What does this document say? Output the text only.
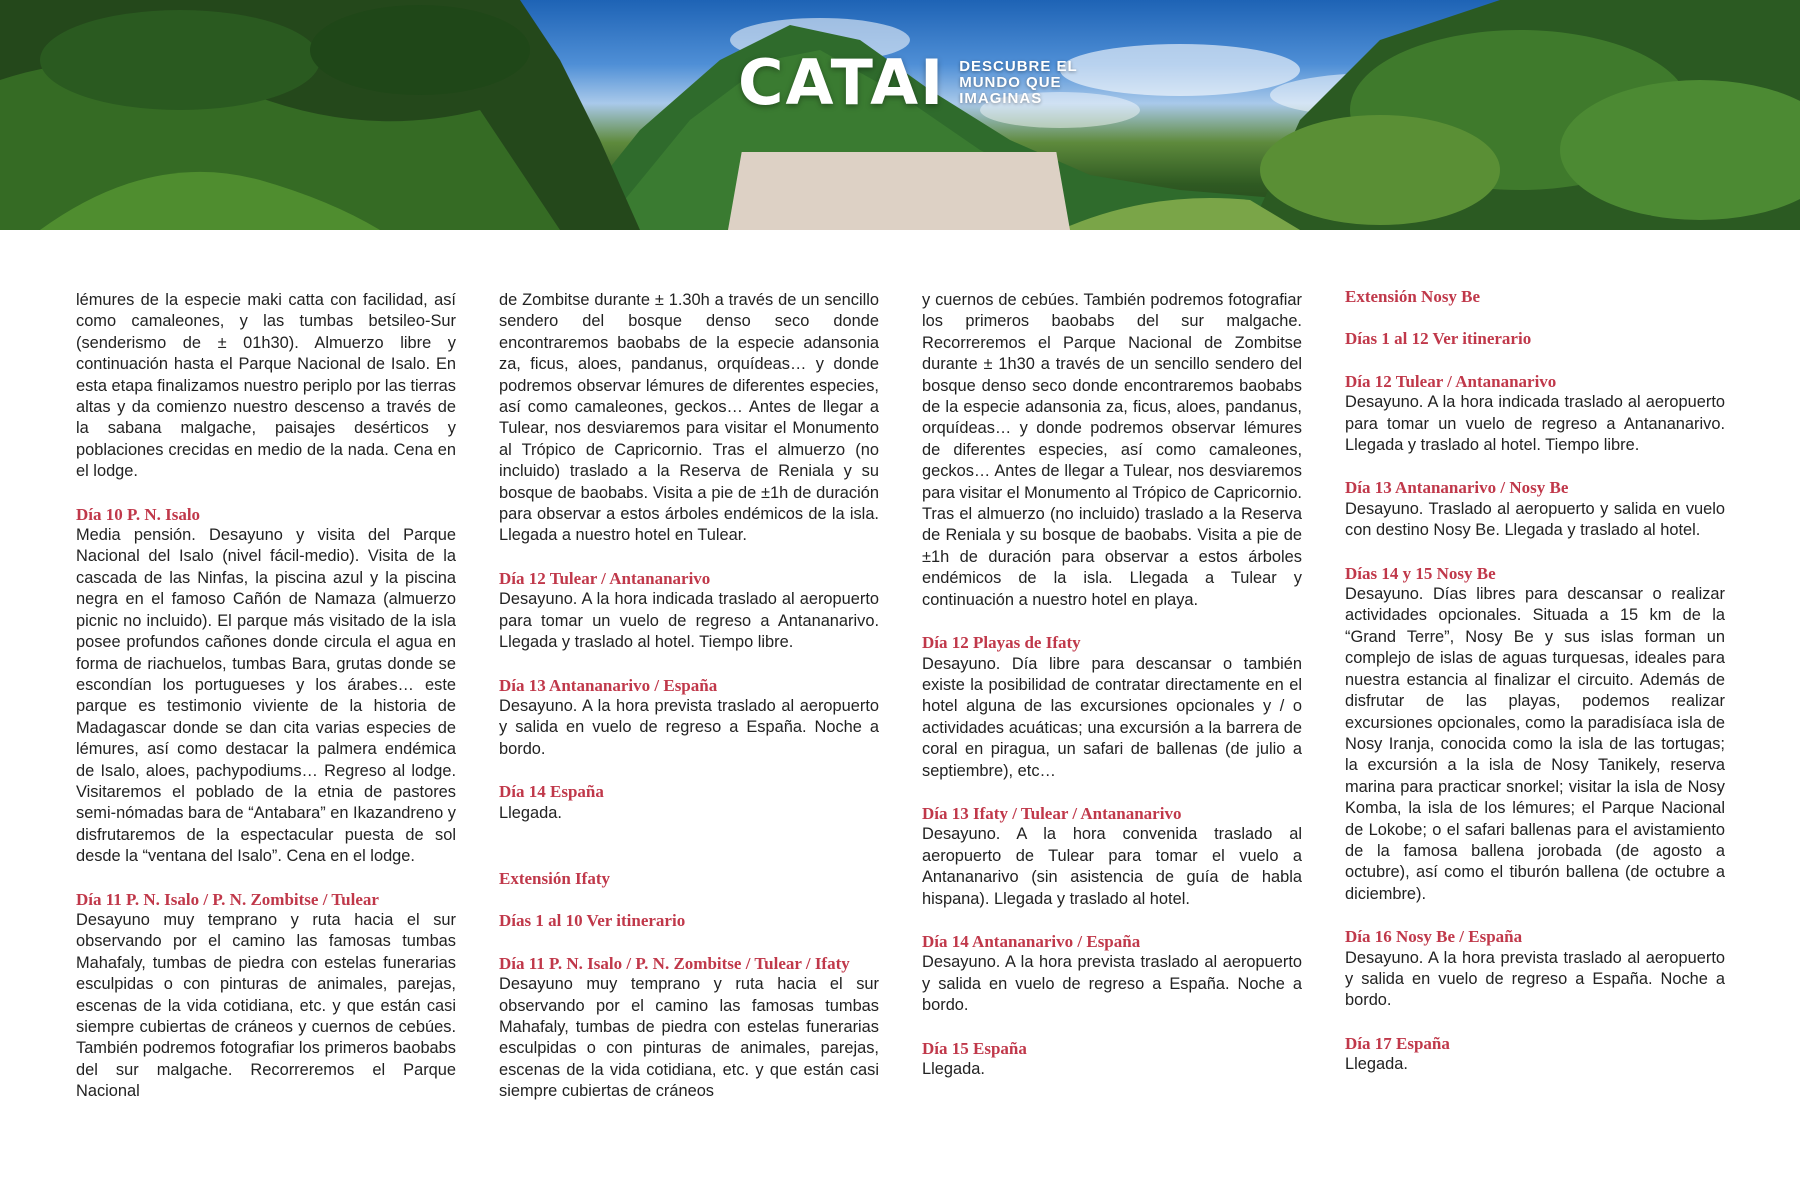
CATAI DESCUBRE EL
MUNDO QUE
IMAGINAS

lémures de la especie maki catta con facilidad, así como camaleones, y las tumbas betsileo-Sur (senderismo de ± 01h30). Almuerzo libre y continuación hasta el Parque Nacional de Isalo. En esta etapa finalizamos nuestro periplo por las tierras altas y da comienzo nuestro descenso a través de la sabana malgache, paisajes desérticos y poblaciones crecidas en medio de la nada. Cena en el lodge.

Día 10 P. N. Isalo

Media pensión. Desayuno y visita del Parque Nacional del Isalo (nivel fácil-medio). Visita de la cascada de las Ninfas, la piscina azul y la piscina negra en el famoso Cañón de Namaza (almuerzo picnic no incluido). El parque más visitado de la isla posee profundos cañones donde circula el agua en forma de riachuelos, tumbas Bara, grutas donde se escondían los portugueses y los árabes… este parque es testimonio viviente de la historia de Madagascar donde se dan cita varias especies de lémures, así como destacar la palmera endémica de Isalo, aloes, pachypodiums… Regreso al lodge. Visitaremos el poblado de la etnia de pastores semi-nómadas bara de “Antabara” en Ikazandreno y disfrutaremos de la espectacular puesta de sol desde la “ventana del Isalo”. Cena en el lodge.

Día 11 P. N. Isalo / P. N. Zombitse / Tulear

Desayuno muy temprano y ruta hacia el sur observando por el camino las famosas tumbas Mahafaly, tumbas de piedra con estelas funerarias esculpidas o con pinturas de animales, parejas, escenas de la vida cotidiana, etc. y que están casi siempre cubiertas de cráneos y cuernos de cebúes. También podremos fotografiar los primeros baobabs del sur malgache. Recorreremos el Parque Nacional

de Zombitse durante ± 1.30h a través de un sencillo sendero del bosque denso seco donde encontraremos baobabs de la especie adansonia za, ficus, aloes, pandanus, orquídeas… y donde podremos observar lémures de diferentes especies, así como camaleones, geckos… Antes de llegar a Tulear, nos desviaremos para visitar el Monumento al Trópico de Capricornio. Tras el almuerzo (no incluido) traslado a la Reserva de Reniala y su bosque de baobabs. Visita a pie de ±1h de duración para observar a estos árboles endémicos de la isla. Llegada a nuestro hotel en Tulear.

Día 12 Tulear / Antananarivo

Desayuno. A la hora indicada traslado al aeropuerto para tomar un vuelo de regreso a Antananarivo. Llegada y traslado al hotel. Tiempo libre.

Día 13 Antananarivo / España

Desayuno. A la hora prevista traslado al aeropuerto y salida en vuelo de regreso a España. Noche a bordo.

Día 14 España

Llegada.

Extensión Ifaty
Días 1 al 10 Ver itinerario
Día 11 P. N. Isalo / P. N. Zombitse / Tulear / Ifaty

Desayuno muy temprano y ruta hacia el sur observando por el camino las famosas tumbas Mahafaly, tumbas de piedra con estelas funerarias esculpidas o con pinturas de animales, parejas, escenas de la vida cotidiana, etc. y que están casi siempre cubiertas de cráneos

y cuernos de cebúes. También podremos fotografiar los primeros baobabs del sur malgache. Recorreremos el Parque Nacional de Zombitse durante ± 1h30 a través de un sencillo sendero del bosque denso seco donde encontraremos baobabs de la especie adansonia za, ficus, aloes, pandanus, orquídeas… y donde podremos observar lémures de diferentes especies, así como camaleones, geckos… Antes de llegar a Tulear, nos desviaremos para visitar el Monumento al Trópico de Capricornio. Tras el almuerzo (no incluido) traslado a la Reserva de Reniala y su bosque de baobabs. Visita a pie de ±1h de duración para observar a estos árboles endémicos de la isla. Llegada a Tulear y continuación a nuestro hotel en playa.

Día 12 Playas de Ifaty

Desayuno. Día libre para descansar o también existe la posibilidad de contratar directamente en el hotel alguna de las excursiones opcionales y / o actividades acuáticas; una excursión a la barrera de coral en piragua, un safari de ballenas (de julio a septiembre), etc…

Día 13 Ifaty / Tulear / Antananarivo

Desayuno. A la hora convenida traslado al aeropuerto de Tulear para tomar el vuelo a Antananarivo (sin asistencia de guía de habla hispana). Llegada y traslado al hotel.

Día 14 Antananarivo / España

Desayuno. A la hora prevista traslado al aeropuerto y salida en vuelo de regreso a España. Noche a bordo.

Día 15 España

Llegada.

Extensión Nosy Be
Días 1 al 12 Ver itinerario
Día 12 Tulear / Antananarivo

Desayuno. A la hora indicada traslado al aeropuerto para tomar un vuelo de regreso a Antananarivo. Llegada y traslado al hotel. Tiempo libre.

Día 13 Antananarivo / Nosy Be

Desayuno. Traslado al aeropuerto y salida en vuelo con destino Nosy Be. Llegada y traslado al hotel.

Días 14 y 15 Nosy Be

Desayuno. Días libres para descansar o realizar actividades opcionales. Situada a 15 km de la “Grand Terre”, Nosy Be y sus islas forman un complejo de islas de aguas turquesas, ideales para nuestra estancia al finalizar el circuito. Además de disfrutar de las playas, podemos realizar excursiones opcionales, como la paradisíaca isla de Nosy Iranja, conocida como la isla de las tortugas; la excursión a la isla de Nosy Tanikely, reserva marina para practicar snorkel; visitar la isla de Nosy Komba, la isla de los lémures; el Parque Nacional de Lokobe; o el safari ballenas para el avistamiento de la famosa ballena jorobada (de agosto a octubre), así como el tiburón ballena (de octubre a diciembre).

Día 16 Nosy Be / España

Desayuno. A la hora prevista traslado al aeropuerto y salida en vuelo de regreso a España. Noche a bordo.

Día 17 España

Llegada.
